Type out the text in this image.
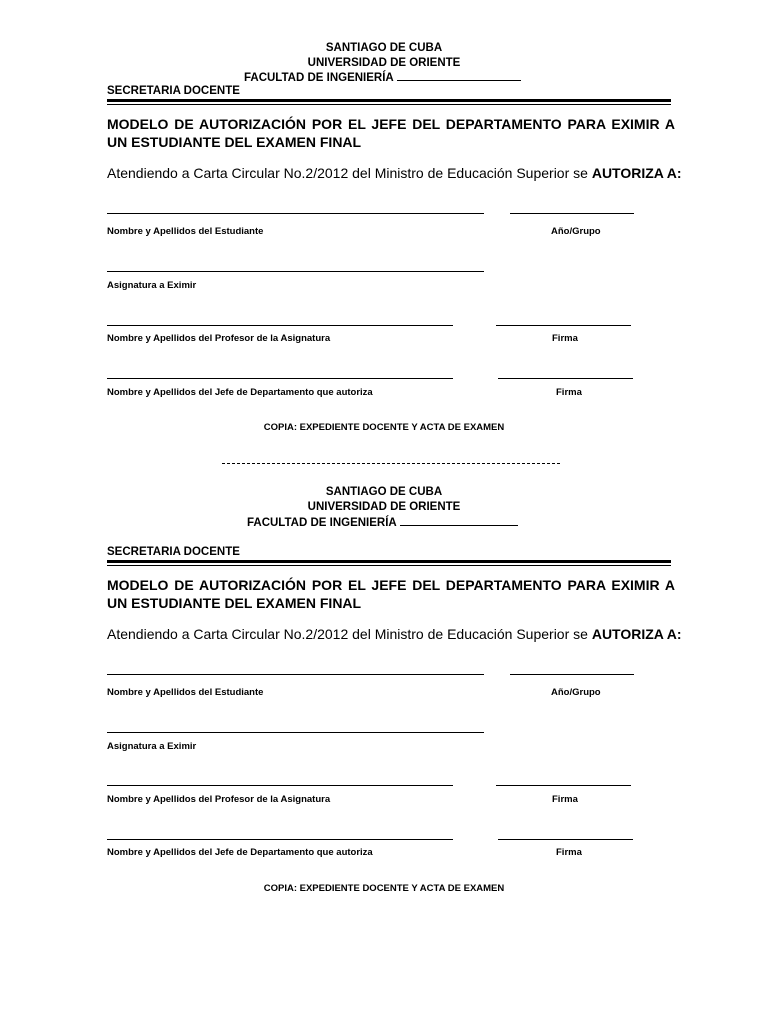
SANTIAGO DE CUBA
UNIVERSIDAD DE ORIENTE
FACULTAD DE INGENIERÍA
SECRETARIA DOCENTE
MODELO DE AUTORIZACIÓN POR EL JEFE DEL DEPARTAMENTO PARA EXIMIR A UN ESTUDIANTE DEL EXAMEN FINAL
Atendiendo a Carta Circular No.2/2012 del Ministro de Educación Superior se AUTORIZA A:
Nombre y Apellidos del Estudiante	Año/Grupo
Asignatura a Eximir
Nombre y Apellidos del Profesor de la Asignatura	Firma
Nombre y Apellidos del Jefe de Departamento que autoriza	Firma
COPIA: EXPEDIENTE DOCENTE Y ACTA DE EXAMEN
SANTIAGO DE CUBA
UNIVERSIDAD DE ORIENTE
FACULTAD DE INGENIERÍA
SECRETARIA DOCENTE
MODELO DE AUTORIZACIÓN POR EL JEFE DEL DEPARTAMENTO PARA EXIMIR A UN ESTUDIANTE DEL EXAMEN FINAL
Atendiendo a Carta Circular No.2/2012 del Ministro de Educación Superior se AUTORIZA A:
Nombre y Apellidos del Estudiante	Año/Grupo
Asignatura a Eximir
Nombre y Apellidos del Profesor de la Asignatura	Firma
Nombre y Apellidos del Jefe de Departamento que autoriza	Firma
COPIA: EXPEDIENTE DOCENTE Y ACTA DE EXAMEN
